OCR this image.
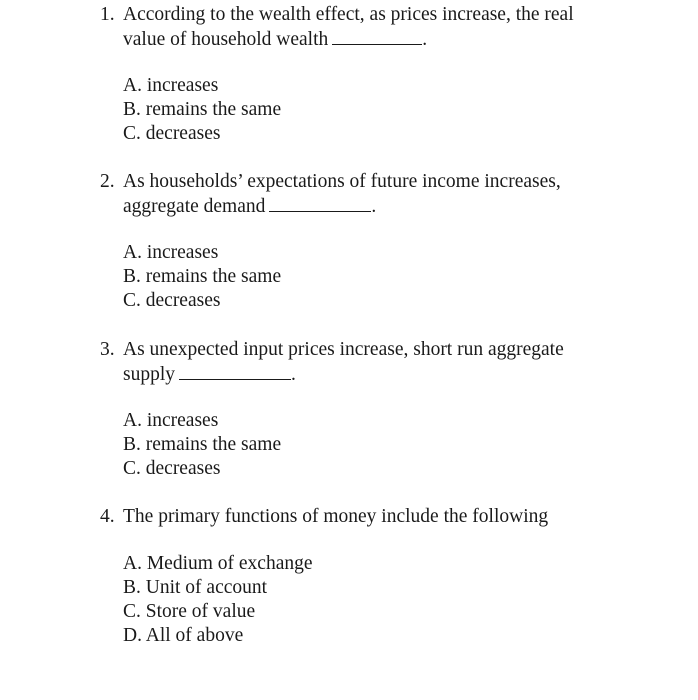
1. According to the wealth effect, as prices increase, the real
value of household wealth	.
A. increases
B. remains the same
C. decreases
2. As households’ expectations of future income increases,
aggregate demand	.
A. increases
B. remains the same
C. decreases
3. As unexpected input prices increase, short run aggregate
supply	.
A. increases
B. remains the same
C. decreases
4. The primary functions of money include the following
A. Medium of exchange
B. Unit of account
C. Store of value
D. All of above
